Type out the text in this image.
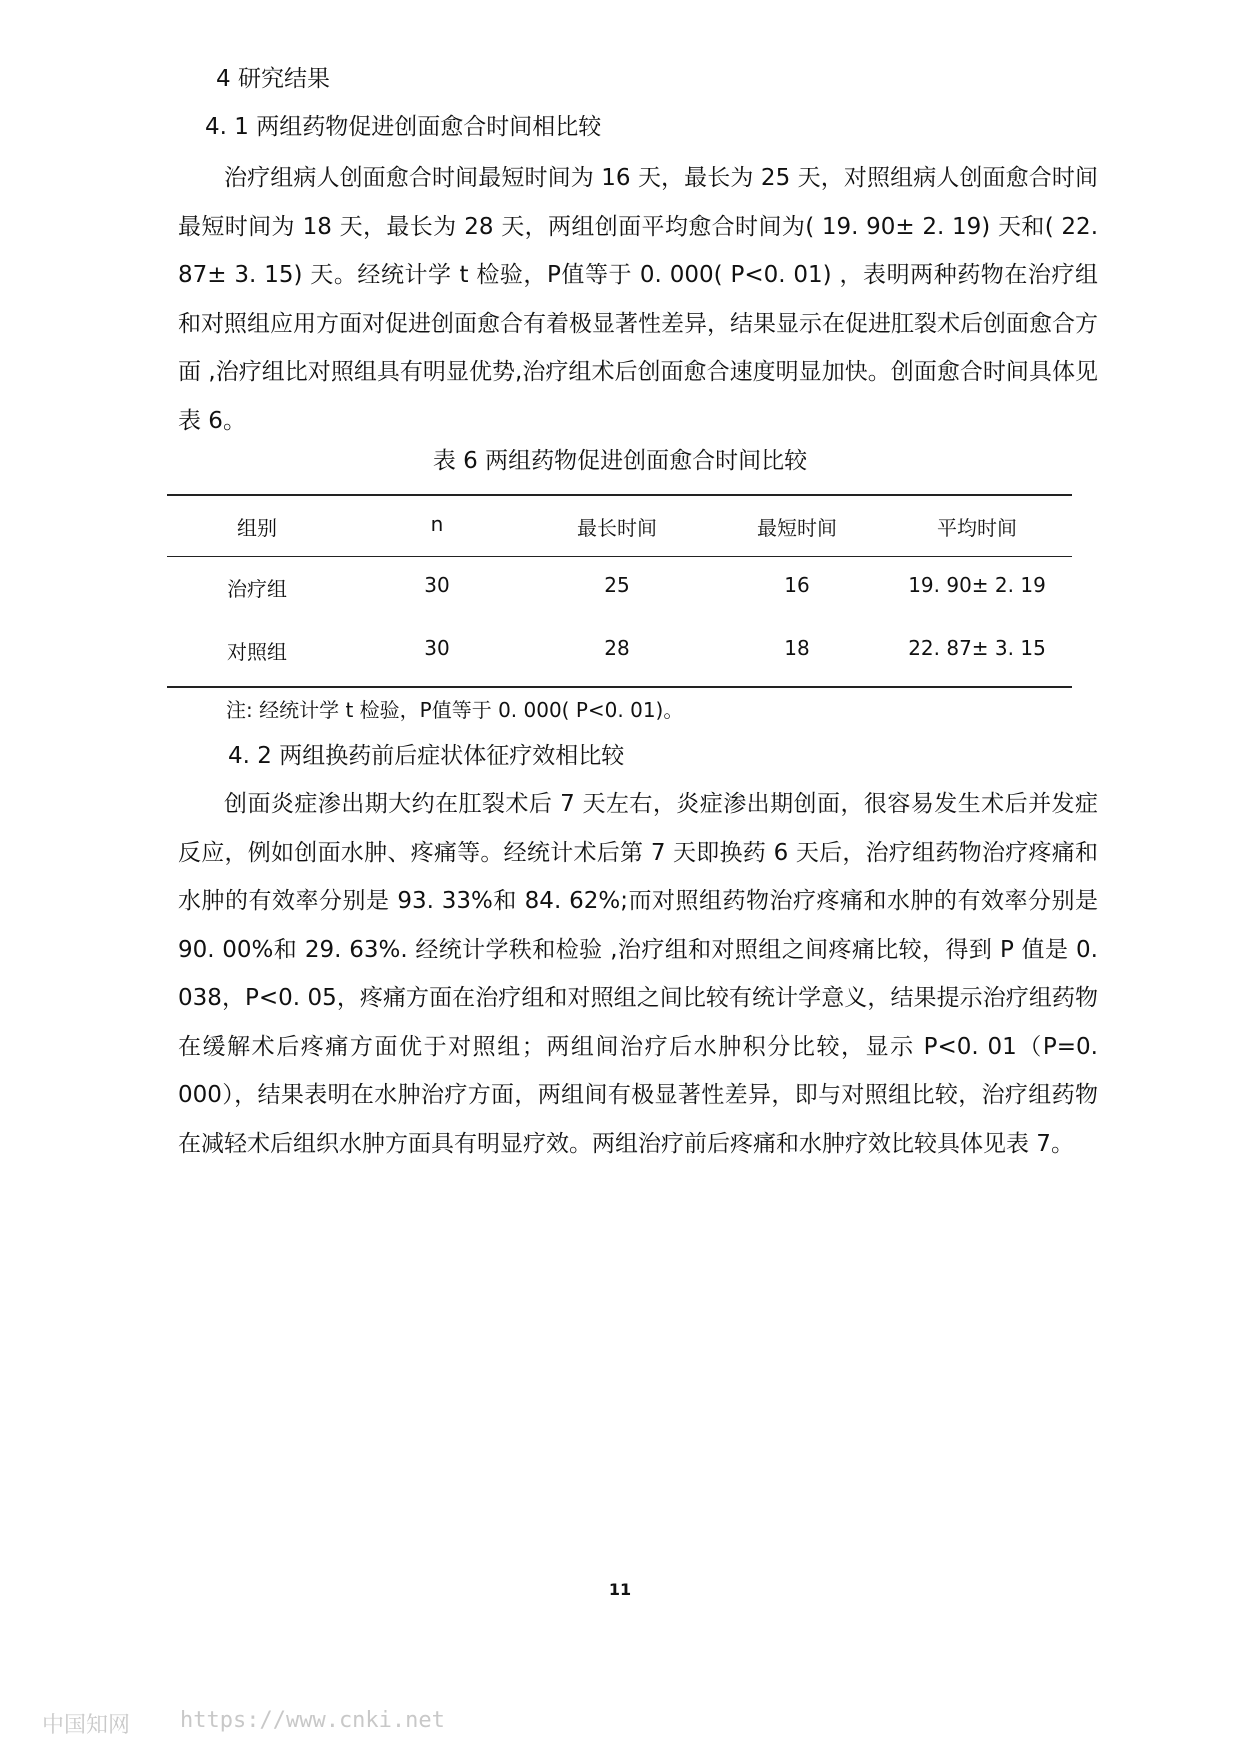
4 研究结果
4. 1 两组药物促进创面愈合时间相比较

治疗组病人创面愈合时间最短时间为 16 天，最长为 25 天，对照组病人创面愈合时间最短时间为 18 天，最长为 28 天，两组创面平均愈合时间为( 19. 90± 2. 19) 天和( 22. 87± 3. 15) 天。经统计学 t 检验，P值等于 0. 000( P<0. 01) ，表明两种药物在治疗组和对照组应用方面对促进创面愈合有着极显著性差异，结果显示在促进肛裂术后创面愈合方面 ,治疗组比对照组具有明显优势,治疗组术后创面愈合速度明显加快。创面愈合时间具体见表 6。

表 6 两组药物促进创面愈合时间比较
组别	n	最长时间	最短时间	平均时间
治疗组	30	25	16	19. 90± 2. 19
对照组	30	28	18	22. 87± 3. 15
注: 经统计学 t 检验，P值等于 0. 000( P<0. 01)。
4. 2 两组换药前后症状体征疗效相比较

创面炎症渗出期大约在肛裂术后 7 天左右，炎症渗出期创面，很容易发生术后并发症反应，例如创面水肿、疼痛等。经统计术后第 7 天即换药 6 天后，治疗组药物治疗疼痛和水肿的有效率分别是 93. 33%和 84. 62%;而对照组药物治疗疼痛和水肿的有效率分别是 90. 00%和 29. 63%. 经统计学秩和检验 ,治疗组和对照组之间疼痛比较，得到 P 值是 0. 038，P<0. 05，疼痛方面在治疗组和对照组之间比较有统计学意义，结果提示治疗组药物在缓解术后疼痛方面优于对照组；两组间治疗后水肿积分比较，显示 P<0. 01（P=0. 000），结果表明在水肿治疗方面，两组间有极显著性差异，即与对照组比较，治疗组药物在减轻术后组织水肿方面具有明显疗效。两组治疗前后疼痛和水肿疗效比较具体见表 7。

11
中国知网 https://www.cnki.net
